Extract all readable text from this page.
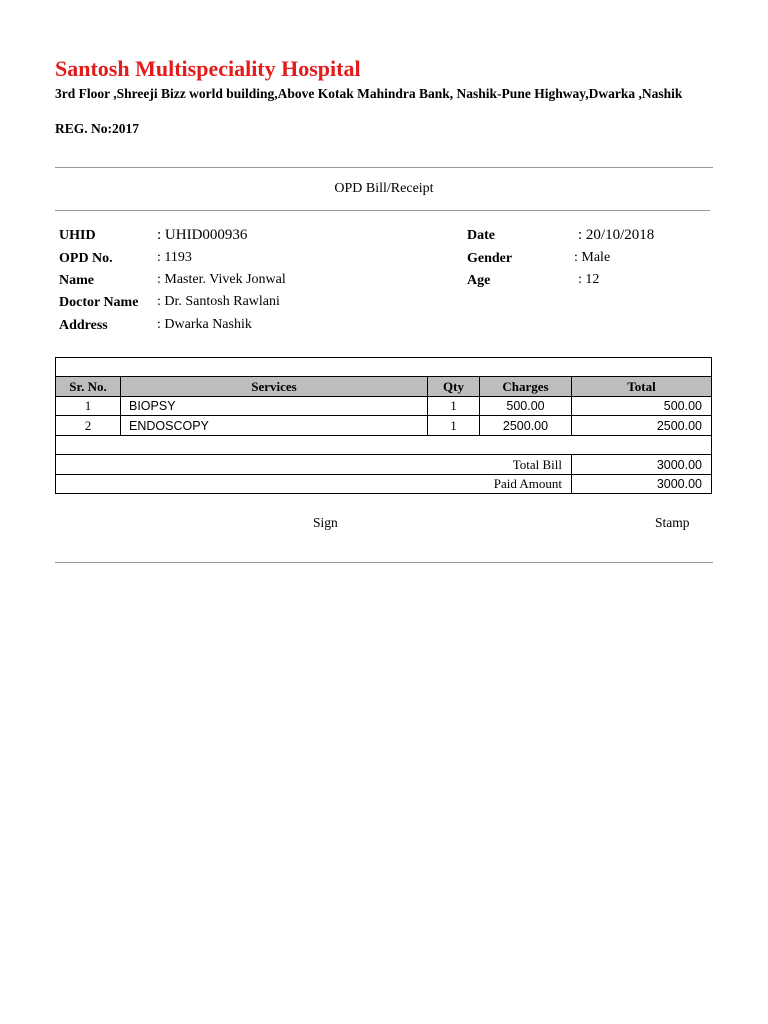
Santosh Multispeciality Hospital
3rd Floor ,Shreeji Bizz world building,Above Kotak Mahindra Bank, Nashik-Pune Highway,Dwarka ,Nashik
REG. No:2017
OPD Bill/Receipt
UHID	: UHID000936
OPD No.	: 1193
Name	: Master. Vivek Jonwal
Doctor Name : Dr. Santosh Rawlani
Address	: Dwarka Nashik
Date	: 20/10/2018
Gender	: Male
Age	: 12
Sr. No.	Services	Qty	Charges	Total
1	BIOPSY	1	500.00	500.00
2	ENDOSCOPY	1	2500.00	2500.00
Total Bill	3000.00
Paid Amount	3000.00
Sign	Stamp
